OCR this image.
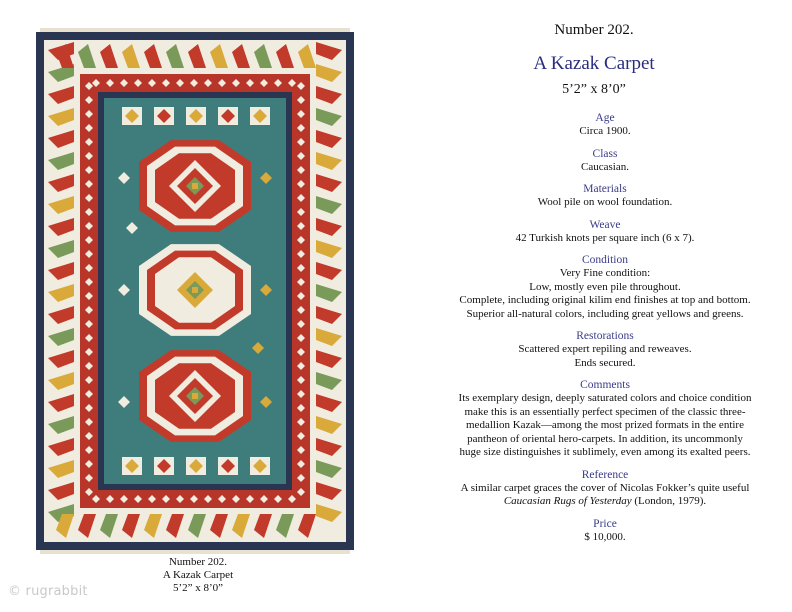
Number 202.
A Kazak Carpet
5’2” x 8’0”
© rugrabbit
Number 202.
A Kazak Carpet
5’2” x 8’0”
Age
Circa 1900.
Class
Caucasian.
Materials
Wool pile on wool foundation.
Weave
42 Turkish knots per square inch (6 x 7).
Condition
Very Fine condition:
Low, mostly even pile throughout.
Complete, including original kilim end finishes at top and bottom.
Superior all-natural colors, including great yellows and greens.
Restorations
Scattered expert repiling and reweaves.
Ends secured.
Comments
Its exemplary design, deeply saturated colors and choice condition
make this is an essentially perfect specimen of the classic three-
medallion Kazak—among the most prized formats in the entire
pantheon of oriental hero-carpets. In addition, its uncommonly
huge size distinguishes it sublimely, even among its exalted peers.
Reference
A similar carpet graces the cover of Nicolas Fokker’s quite useful
Caucasian Rugs of Yesterday (London, 1979).
Price
$ 10,000.
